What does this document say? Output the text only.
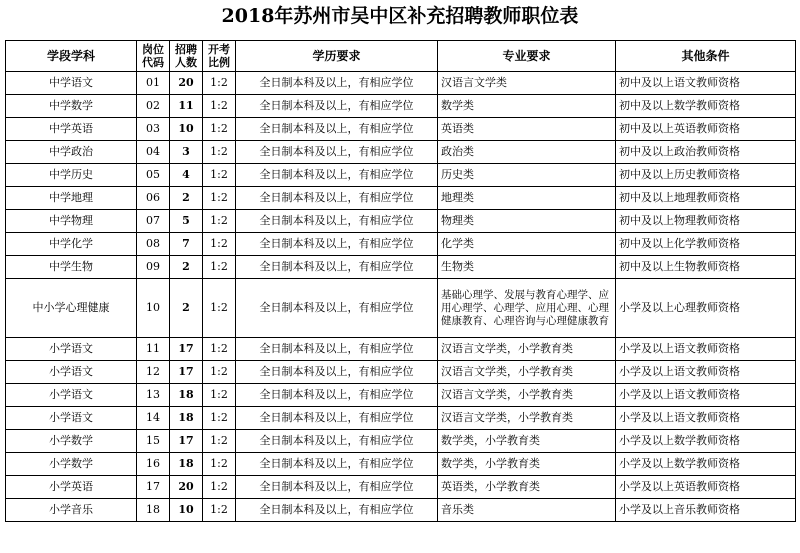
2018年苏州市吴中区补充招聘教师职位表
学段学科	岗位代码	招聘人数	开考比例	学历要求	专业要求	其他条件
中学语文	01	20	1:2	全日制本科及以上，有相应学位	汉语言文学类	初中及以上语文教师资格
中学数学	02	11	1:2	全日制本科及以上，有相应学位	数学类	初中及以上数学教师资格
中学英语	03	10	1:2	全日制本科及以上，有相应学位	英语类	初中及以上英语教师资格
中学政治	04	3	1:2	全日制本科及以上，有相应学位	政治类	初中及以上政治教师资格
中学历史	05	4	1:2	全日制本科及以上，有相应学位	历史类	初中及以上历史教师资格
中学地理	06	2	1:2	全日制本科及以上，有相应学位	地理类	初中及以上地理教师资格
中学物理	07	5	1:2	全日制本科及以上，有相应学位	物理类	初中及以上物理教师资格
中学化学	08	7	1:2	全日制本科及以上，有相应学位	化学类	初中及以上化学教师资格
中学生物	09	2	1:2	全日制本科及以上，有相应学位	生物类	初中及以上生物教师资格
中小学心理健康	10	2	1:2	全日制本科及以上，有相应学位	基础心理学、发展与教育心理学、应用心理学、心理学、应用心理、心理健康教育、心理咨询与心理健康教育	小学及以上心理教师资格
小学语文	11	17	1:2	全日制本科及以上，有相应学位	汉语言文学类，小学教育类	小学及以上语文教师资格
小学语文	12	17	1:2	全日制本科及以上，有相应学位	汉语言文学类，小学教育类	小学及以上语文教师资格
小学语文	13	18	1:2	全日制本科及以上，有相应学位	汉语言文学类，小学教育类	小学及以上语文教师资格
小学语文	14	18	1:2	全日制本科及以上，有相应学位	汉语言文学类，小学教育类	小学及以上语文教师资格
小学数学	15	17	1:2	全日制本科及以上，有相应学位	数学类，小学教育类	小学及以上数学教师资格
小学数学	16	18	1:2	全日制本科及以上，有相应学位	数学类，小学教育类	小学及以上数学教师资格
小学英语	17	20	1:2	全日制本科及以上，有相应学位	英语类，小学教育类	小学及以上英语教师资格
小学音乐	18	10	1:2	全日制本科及以上，有相应学位	音乐类	小学及以上音乐教师资格
